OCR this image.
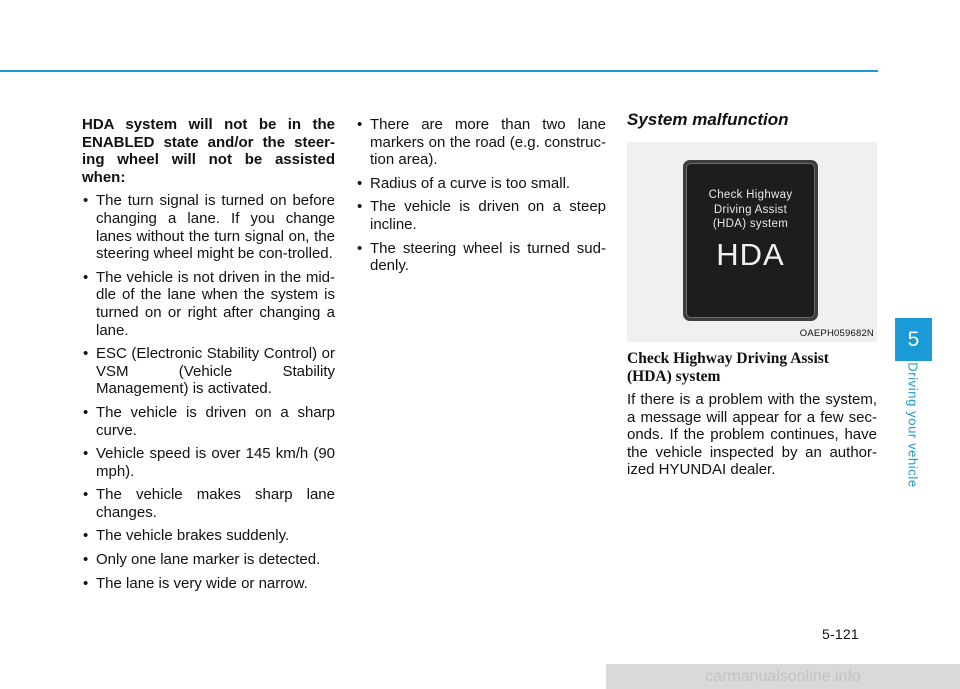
HDA system will not be in the ENABLED state and/or the steer-ing wheel will not be assisted when:

• The turn signal is turned on before changing a lane. If you change lanes without the turn signal on, the steering wheel might be con-trolled.
• The vehicle is not driven in the mid-dle of the lane when the system is turned on or right after changing a lane.
• ESC (Electronic Stability Control) or VSM (Vehicle Stability Management) is activated.
• The vehicle is driven on a sharp curve.
• Vehicle speed is over 145 km/h (90 mph).
• The vehicle makes sharp lane changes.
• The vehicle brakes suddenly.
• Only one lane marker is detected.
• The lane is very wide or narrow.
• There are more than two lane markers on the road (e.g. construc-tion area).
• Radius of a curve is too small.
• The vehicle is driven on a steep incline.
• The steering wheel is turned sud-denly.
System malfunction
Check Highway
Driving Assist
(HDA) system
HDA
OAEPH059682N
Check Highway Driving Assist (HDA) system

If there is a problem with the system, a message will appear for a few sec-onds. If the problem continues, have the vehicle inspected by an author-ized HYUNDAI dealer.

5
Driving your vehicle
5-121
carmanualsonline.info
